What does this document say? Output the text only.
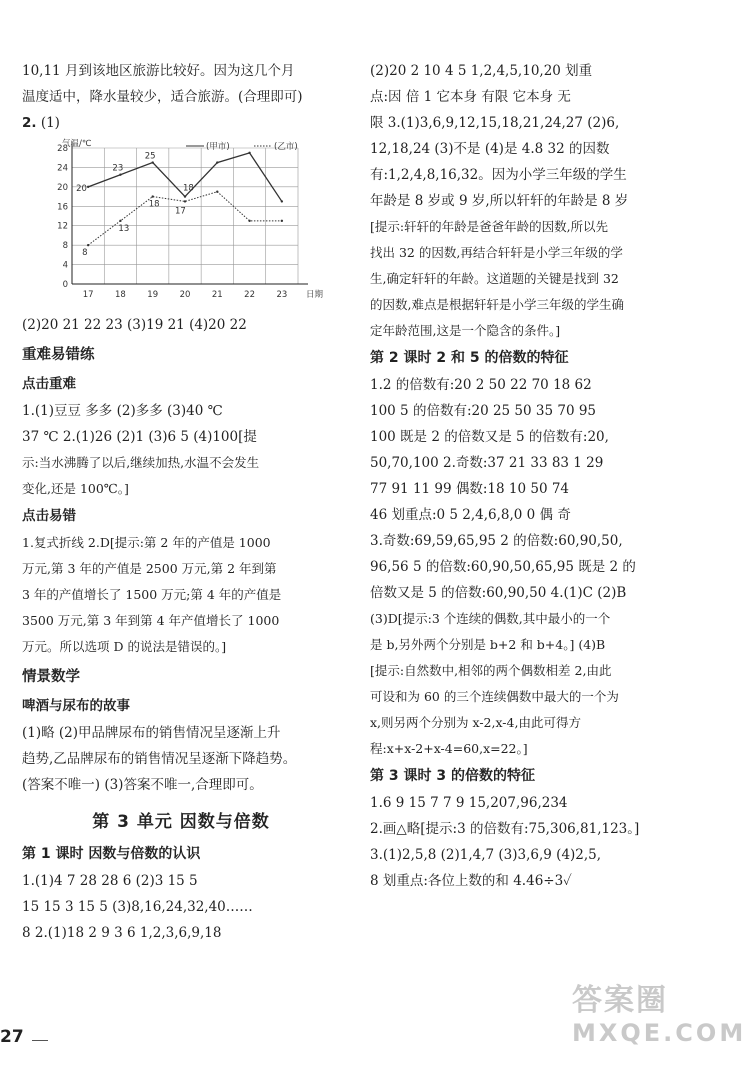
10,11 月到该地区旅游比较好。因为这几个月
温度适中，降水量较少，适合旅游。(合理即可)
2. (1)
0
4
8
12
16
20
24
28
17	18	19	20	21	22	23 日期
气温/℃	(甲市)	(乙市)
20
23
25
18
8
13
18
17
(2)20 21 22 23 (3)19 21 (4)20 22
重难易错练
点击重难
1.(1)豆豆 多多 (2)多多 (3)40 ℃
37 ℃ 2.(1)26 (2)1 (3)6 5 (4)100[提
示:当水沸腾了以后,继续加热,水温不会发生
变化,还是 100℃。]
点击易错
1.复式折线 2.D[提示:第 2 年的产值是 1000
万元,第 3 年的产值是 2500 万元,第 2 年到第
3 年的产值增长了 1500 万元;第 4 年的产值是
3500 万元,第 3 年到第 4 年产值增长了 1000
万元。所以选项 D 的说法是错误的。]
情景数学
啤酒与尿布的故事
(1)略 (2)甲品牌尿布的销售情况呈逐渐上升
趋势,乙品牌尿布的销售情况呈逐渐下降趋势。
(答案不唯一) (3)答案不唯一,合理即可。
第 3 单元 因数与倍数
第 1 课时 因数与倍数的认识
1.(1)4 7 28 28 6 (2)3 15 5
15 15 3 15 5 (3)8,16,24,32,40……
8 2.(1)18 2 9 3 6 1,2,3,6,9,18
(2)20 2 10 4 5 1,2,4,5,10,20 划重
点:因 倍 1 它本身 有限 它本身 无
限 3.(1)3,6,9,12,15,18,21,24,27 (2)6,
12,18,24 (3)不是 (4)是 4.8 32 的因数
有:1,2,4,8,16,32。因为小学三年级的学生
年龄是 8 岁或 9 岁,所以轩轩的年龄是 8 岁
[提示:轩轩的年龄是爸爸年龄的因数,所以先
找出 32 的因数,再结合轩轩是小学三年级的学
生,确定轩轩的年龄。这道题的关键是找到 32
的因数,难点是根据轩轩是小学三年级的学生确
定年龄范围,这是一个隐含的条件。]
第 2 课时 2 和 5 的倍数的特征
1.2 的倍数有:20 2 50 22 70 18 62
100 5 的倍数有:20 25 50 35 70 95
100 既是 2 的倍数又是 5 的倍数有:20,
50,70,100 2.奇数:37 21 33 83 1 29
77 91 11 99 偶数:18 10 50 74
46 划重点:0 5 2,4,6,8,0 0 偶 奇
3.奇数:69,59,65,95 2 的倍数:60,90,50,
96,56 5 的倍数:60,90,50,65,95 既是 2 的
倍数又是 5 的倍数:60,90,50 4.(1)C (2)B
(3)D[提示:3 个连续的偶数,其中最小的一个
是 b,另外两个分别是 b+2 和 b+4。] (4)B
[提示:自然数中,相邻的两个偶数相差 2,由此
可设和为 60 的三个连续偶数中最大的一个为
x,则另两个分别为 x-2,x-4,由此可得方
程:x+x-2+x-4=60,x=22。]
第 3 课时 3 的倍数的特征
1.6 9 15 7 7 9 15,207,96,234
2.画△略[提示:3 的倍数有:75,306,81,123。]
3.(1)2,5,8 (2)1,4,7 (3)3,6,9 (4)2,5,
8 划重点:各位上数的和 4.46÷3✓
27
答案圈
MXQE.COM
